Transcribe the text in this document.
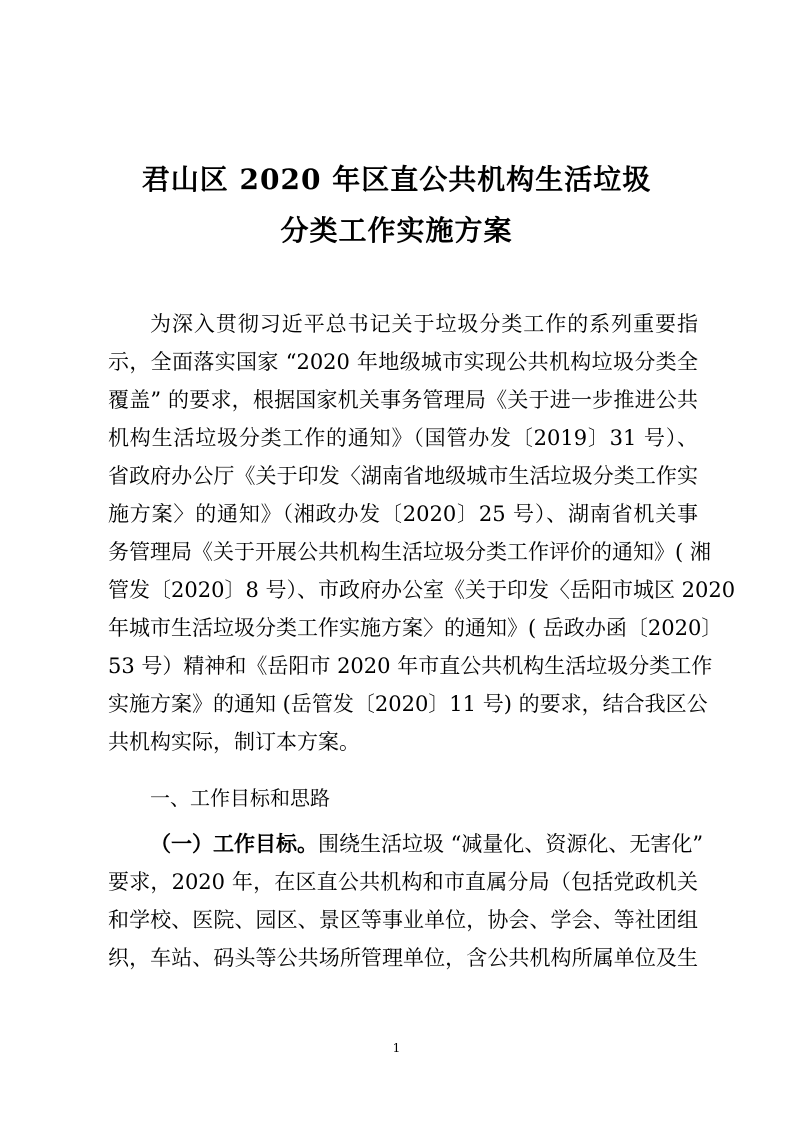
君山区 2020 年区直公共机构生活垃圾
分类工作实施方案
为深入贯彻习近平总书记关于垃圾分类工作的系列重要指
示，全面落实国家 “2020 年地级城市实现公共机构垃圾分类全
覆盖” 的要求，根据国家机关事务管理局《关于进一步推进公共
机构生活垃圾分类工作的通知》（国管办发〔2019〕31 号）、
省政府办公厅《关于印发〈湖南省地级城市生活垃圾分类工作实
施方案〉的通知》（湘政办发〔2020〕25 号）、湖南省机关事
务管理局《关于开展公共机构生活垃圾分类工作评价的通知》( 湘
管发〔2020〕8 号）、市政府办公室《关于印发〈岳阳市城区 2020
年城市生活垃圾分类工作实施方案〉的通知》( 岳政办函〔2020〕
53 号）精神和《岳阳市 2020 年市直公共机构生活垃圾分类工作
实施方案》的通知 (岳管发〔2020〕11 号) 的要求，结合我区公
共机构实际，制订本方案。
一、工作目标和思路
（一）工作目标。围绕生活垃圾 “减量化、资源化、无害化”
要求，2020 年，在区直公共机构和市直属分局（包括党政机关
和学校、医院、园区、景区等事业单位，协会、学会、等社团组
织，车站、码头等公共场所管理单位，含公共机构所属单位及生
1
